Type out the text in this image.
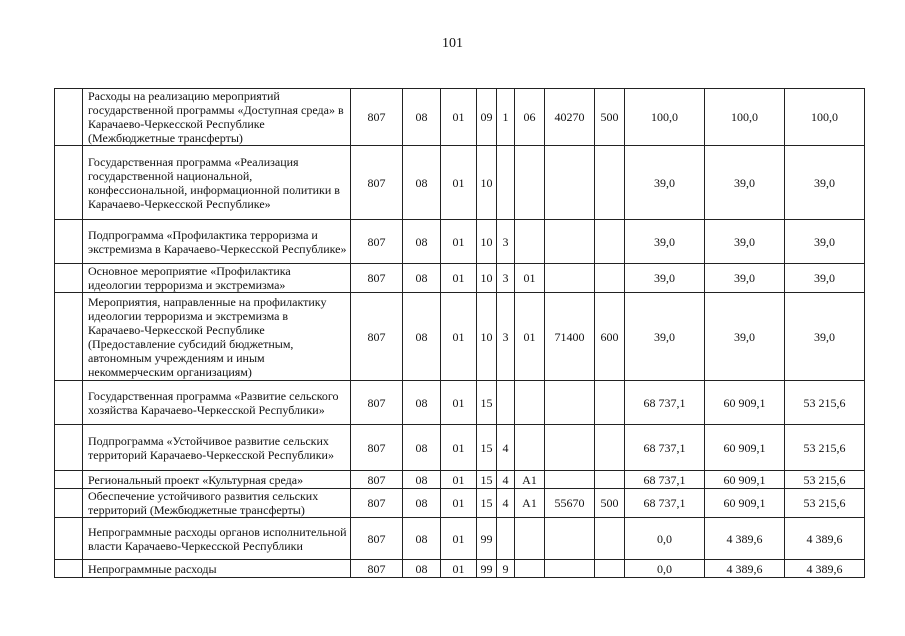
101
	Расходы на реализацию мероприятий государственной программы «Доступная среда» в Карачаево-Черкесской Республике (Межбюджетные трансферты)	807	08	01	09	1	06	40270	500	100,0	100,0	100,0
	Государственная программа «Реализация государственной национальной, конфессиональной, информационной политики в Карачаево-Черкесской Республике»	807	08	01	10					39,0	39,0	39,0
	Подпрограмма «Профилактика терроризма и экстремизма в Карачаево-Черкесской Республике»	807	08	01	10	3				39,0	39,0	39,0
	Основное мероприятие «Профилактика идеологии терроризма и экстремизма»	807	08	01	10	3	01			39,0	39,0	39,0
	Мероприятия, направленные на профилактику идеологии терроризма и экстремизма в Карачаево-Черкесской Республике (Предоставление субсидий бюджетным, автономным учреждениям и иным некоммерческим организациям)	807	08	01	10	3	01	71400	600	39,0	39,0	39,0
	Государственная программа «Развитие сельского хозяйства Карачаево-Черкесской Республики»	807	08	01	15					68 737,1	60 909,1	53 215,6
	Подпрограмма «Устойчивое развитие сельских территорий Карачаево-Черкесской Республики»	807	08	01	15	4				68 737,1	60 909,1	53 215,6
	Региональный проект «Культурная среда»	807	08	01	15	4	A1			68 737,1	60 909,1	53 215,6
	Обеспечение устойчивого развития сельских территорий (Межбюджетные трансферты)	807	08	01	15	4	A1	55670	500	68 737,1	60 909,1	53 215,6
	Непрограммные расходы органов исполнительной власти Карачаево-Черкесской Республики	807	08	01	99					0,0	4 389,6	4 389,6
	Непрограммные расходы	807	08	01	99	9				0,0	4 389,6	4 389,6
